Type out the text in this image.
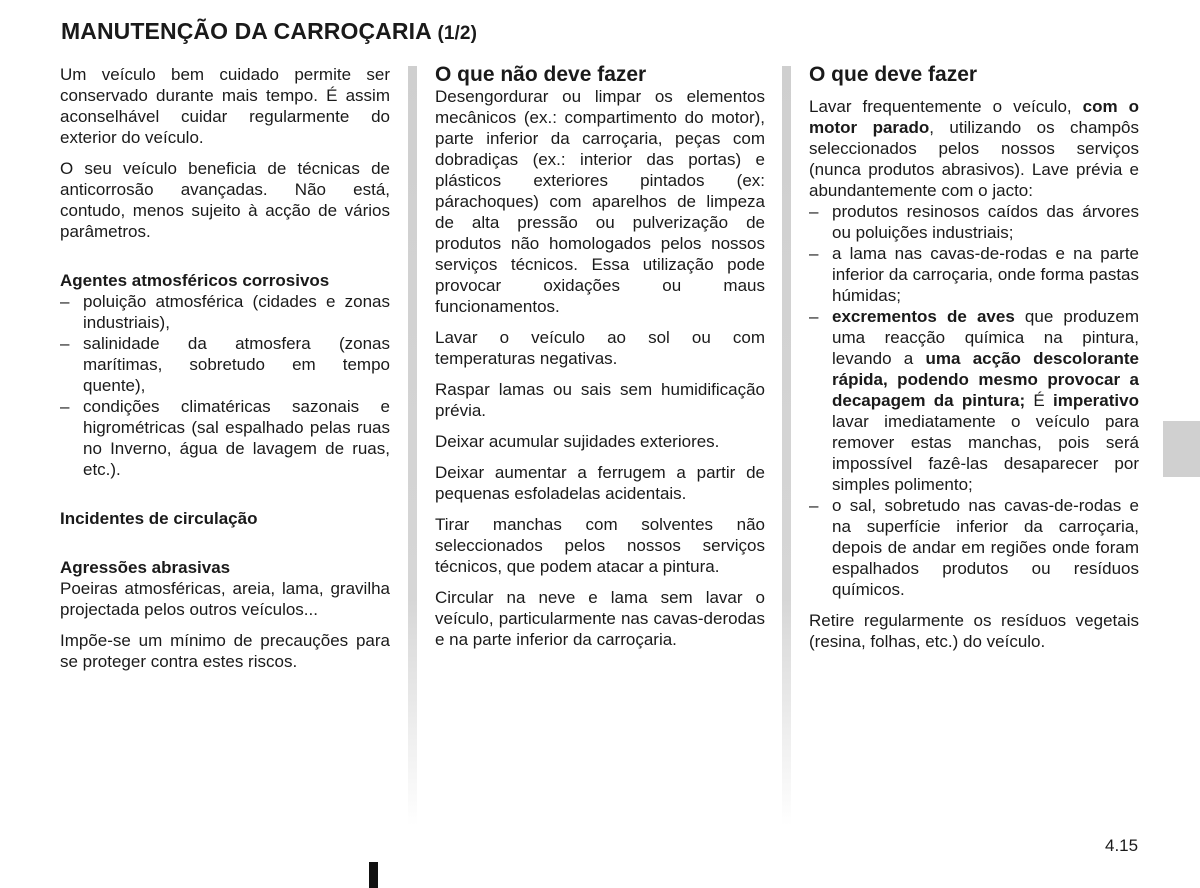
MANUTENÇÃO DA CARROÇARIA (1/2)

Um veículo bem cuidado permite ser conservado durante mais tempo. É assim aconselhável cuidar regularmente do exterior do veículo.

O seu veículo beneficia de técnicas de anticorrosão avançadas. Não está, contudo, menos sujeito à acção de vários parâmetros.

Agentes atmosféricos corrosivos
– poluição atmosférica (cidades e zonas industriais),
– salinidade da atmosfera (zonas marítimas, sobretudo em tempo quente),
– condições climatéricas sazonais e higrométricas (sal espalhado pelas ruas no Inverno, água de lavagem de ruas, etc.).
Incidentes de circulação
Agressões abrasivas

Poeiras atmosféricas, areia, lama, gravilha projectada pelos outros veículos...

Impõe-se um mínimo de precauções para se proteger contra estes riscos.

O que não deve fazer

Desengordurar ou limpar os elementos mecânicos (ex.: compartimento do motor), parte inferior da carroçaria, peças com dobradiças (ex.: interior das portas) e plásticos exteriores pintados (ex: párachoques) com aparelhos de limpeza de alta pressão ou pulverização de produtos não homologados pelos nossos serviços técnicos. Essa utilização pode provocar oxidações ou maus funcionamentos.

Lavar o veículo ao sol ou com temperaturas negativas.

Raspar lamas ou sais sem humidificação prévia.

Deixar acumular sujidades exteriores.

Deixar aumentar a ferrugem a partir de pequenas esfoladelas acidentais.

Tirar manchas com solventes não seleccionados pelos nossos serviços técnicos, que podem atacar a pintura.

Circular na neve e lama sem lavar o veículo, particularmente nas cavas-derodas e na parte inferior da carroçaria.

O que deve fazer

Lavar frequentemente o veículo, com o motor parado, utilizando os champôs seleccionados pelos nossos serviços (nunca produtos abrasivos). Lave prévia e abundantemente com o jacto:

– produtos resinosos caídos das árvores ou poluições industriais;
– a lama nas cavas-de-rodas e na parte inferior da carroçaria, onde forma pastas húmidas;
– excrementos de aves que produzem uma reacção química na pintura, levando a uma acção descolorante rápida, podendo mesmo provocar a decapagem da pintura; É imperativo lavar imediatamente o veículo para remover estas manchas, pois será impossível fazê-las desaparecer por simples polimento;
– o sal, sobretudo nas cavas-de-rodas e na superfície inferior da carroçaria, depois de andar em regiões onde foram espalhados produtos ou resíduos químicos.

Retire regularmente os resíduos vegetais (resina, folhas, etc.) do veículo.

4.15
